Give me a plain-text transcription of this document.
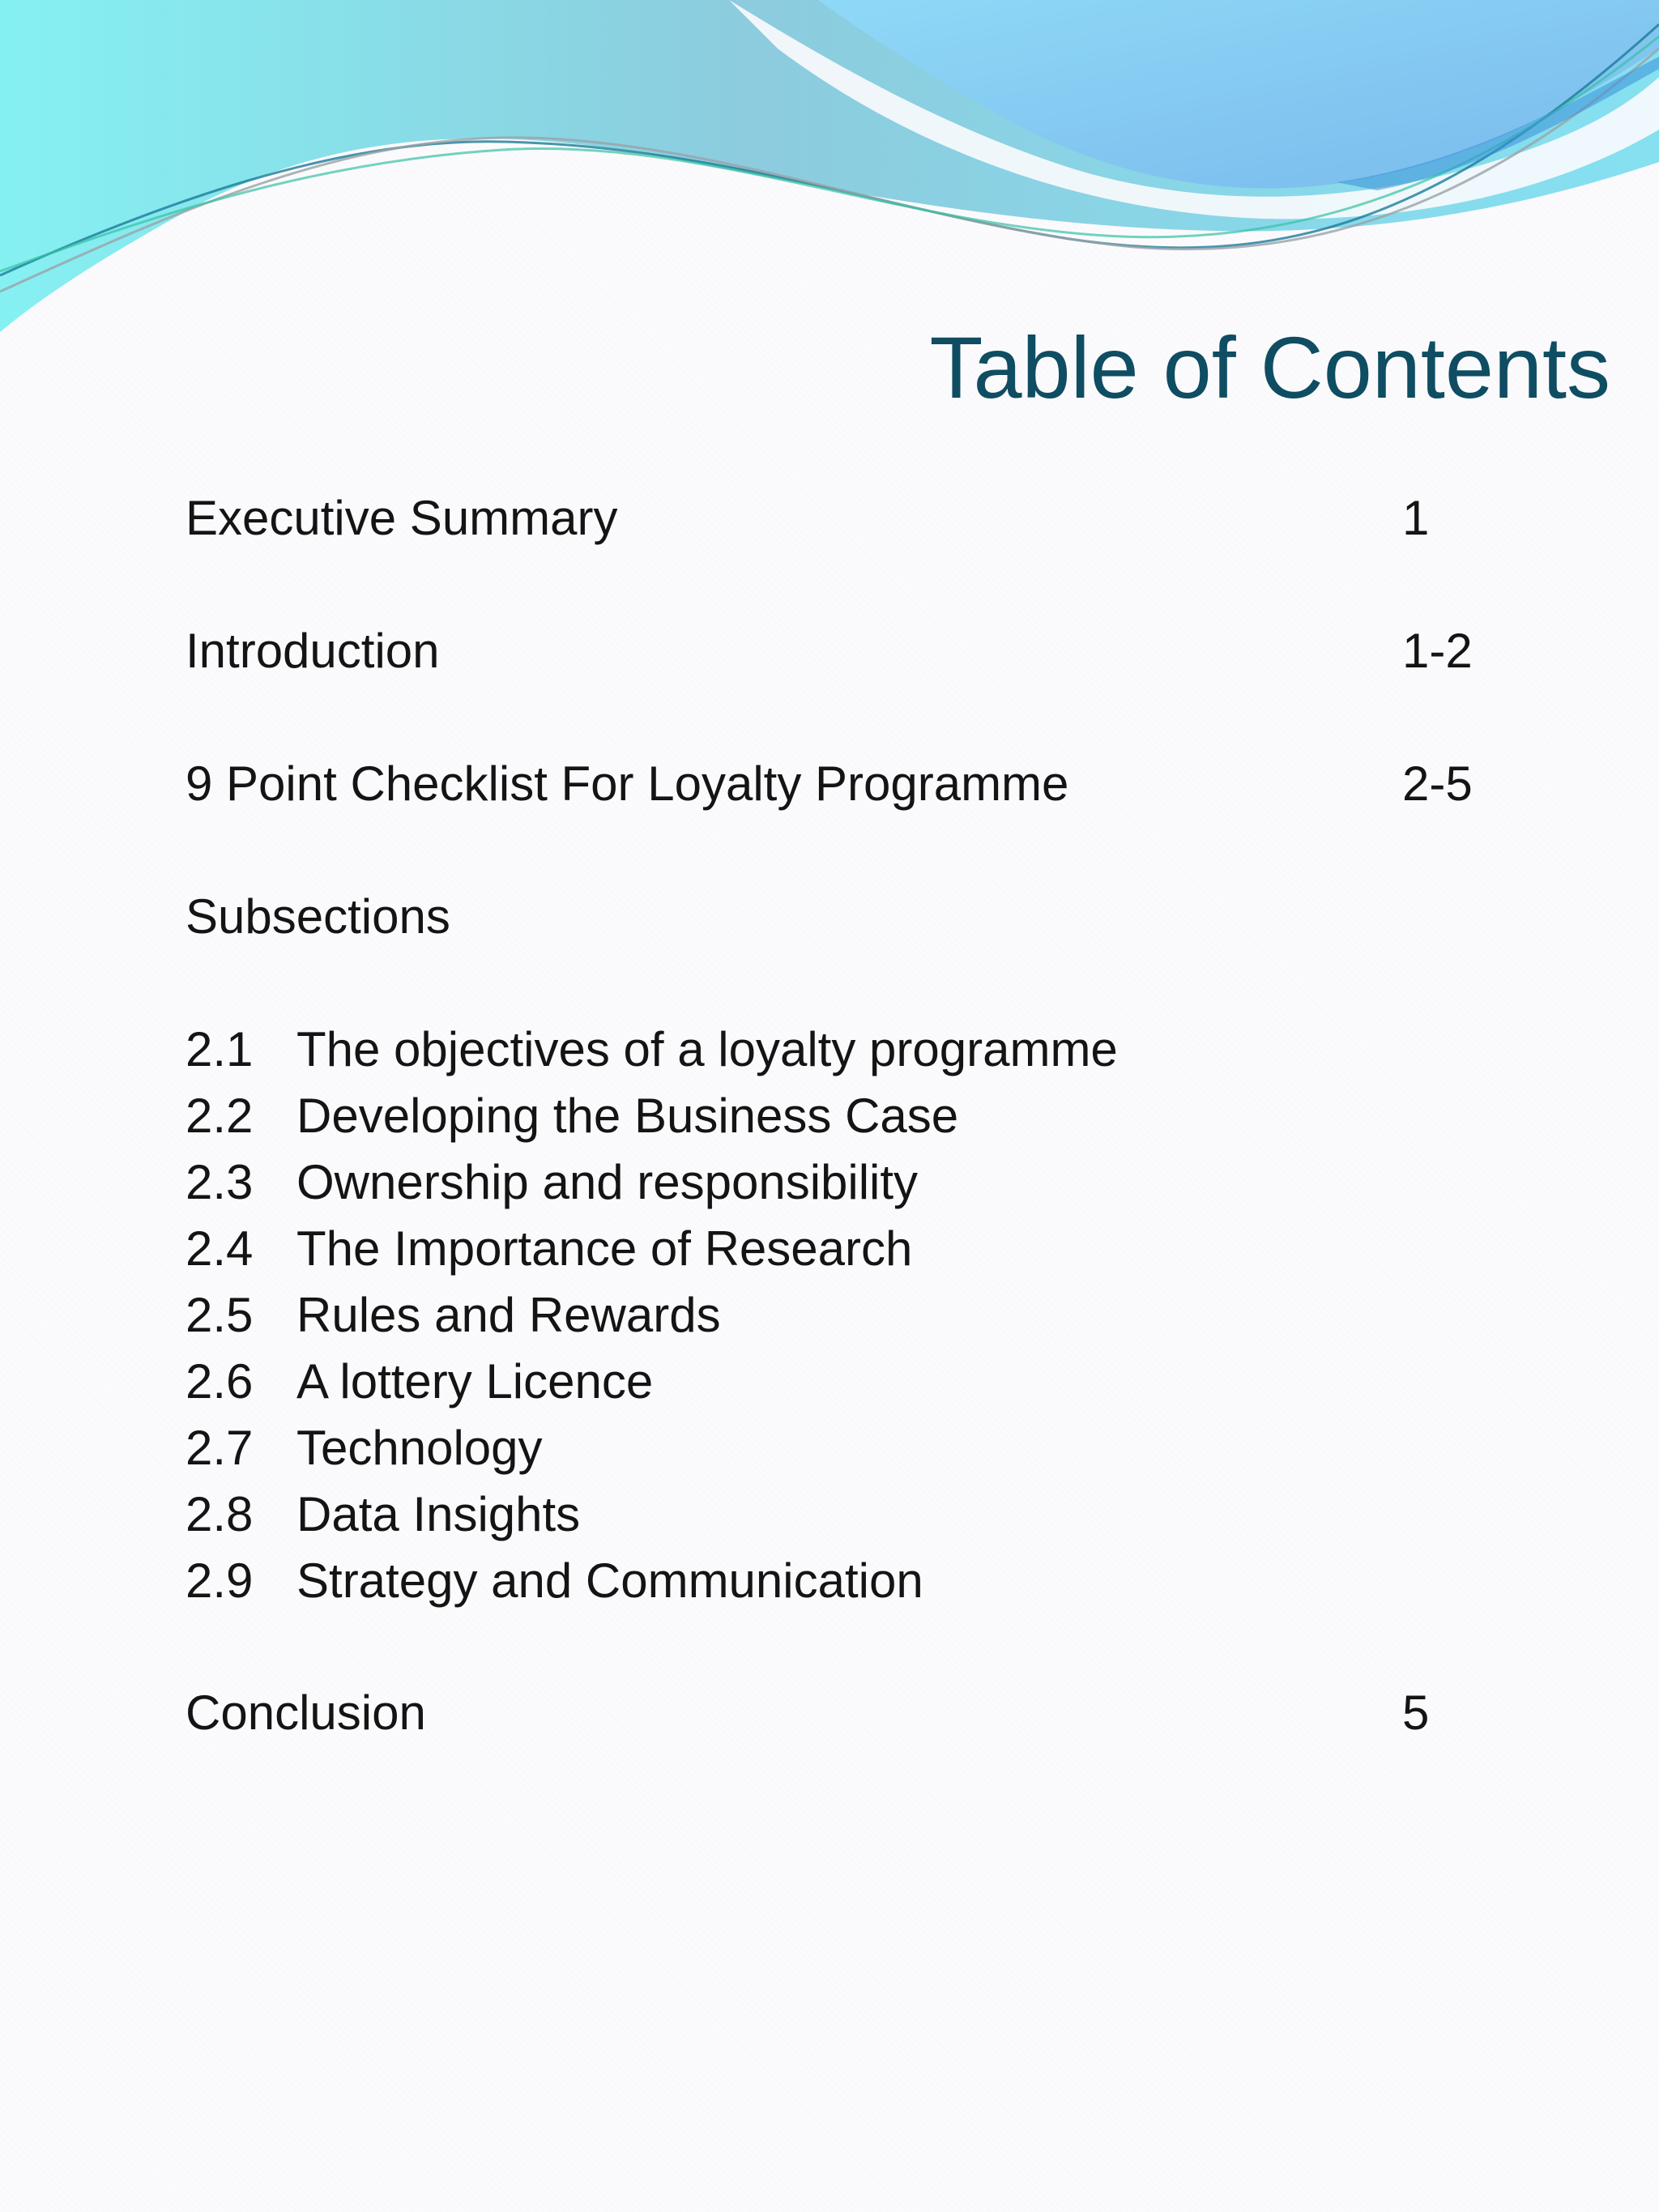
Table of Contents
Executive Summary	1
Introduction	1-2
9 Point Checklist For Loyalty Programme	2-5
Subsections
2.1 The objectives of a loyalty programme
2.2 Developing the Business Case
2.3 Ownership and responsibility
2.4 The Importance of Research
2.5 Rules and Rewards
2.6 A lottery Licence
2.7 Technology
2.8 Data Insights
2.9 Strategy and Communication
Conclusion	5
